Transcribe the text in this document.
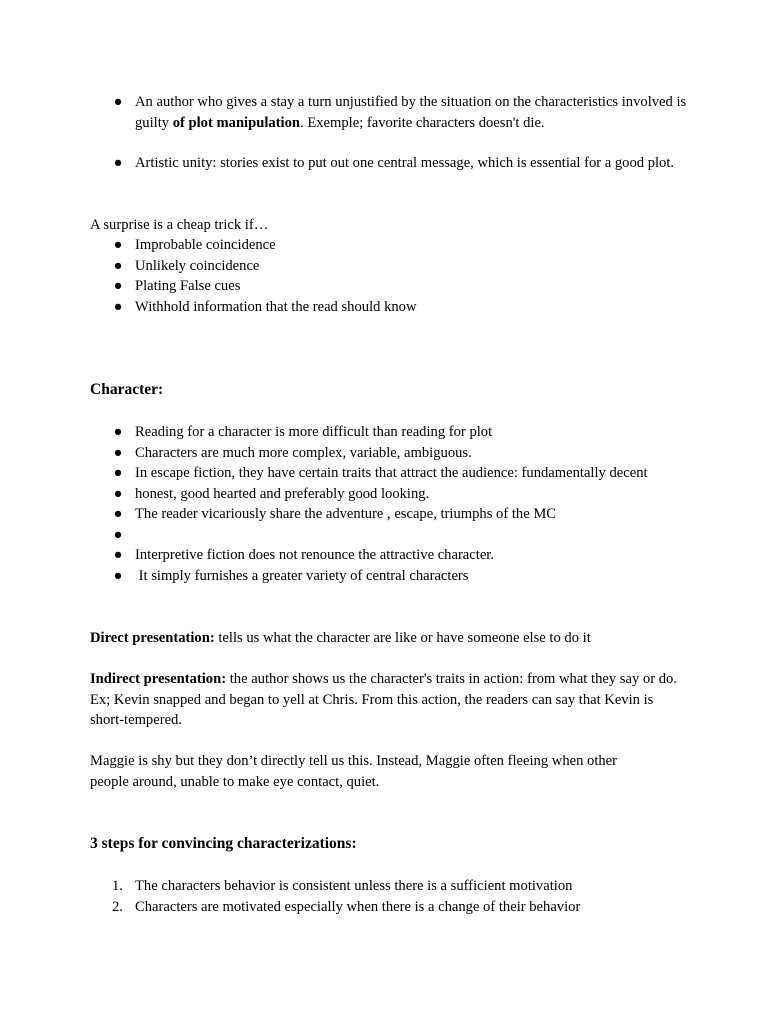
● An author who gives a stay a turn unjustified by the situation on the characteristics involved is guilty of plot manipulation. Exemple; favorite characters doesn't die.
● Artistic unity: stories exist to put out one central message, which is essential for a good plot.

A surprise is a cheap trick if…

● Improbable coincidence
● Unlikely coincidence
● Plating False cues
● Withhold information that the read should know

Character:

● Reading for a character is more difficult than reading for plot
● Characters are much more complex, variable, ambiguous.
● In escape fiction, they have certain traits that attract the audience: fundamentally decent
● honest, good hearted and preferably good looking.
● The reader vicariously share the adventure , escape, triumphs of the MC
●

● Interpretive fiction does not renounce the attractive character.
● It simply furnishes a greater variety of central characters

Direct presentation: tells us what the character are like or have someone else to do it

Indirect presentation: the author shows us the character's traits in action: from what they say or do. Ex; Kevin snapped and began to yell at Chris. From this action, the readers can say that Kevin is short-tempered.

Maggie is shy but they don’t directly tell us this. Instead, Maggie often fleeing when other people around, unable to make eye contact, quiet.

3 steps for convincing characterizations:

1. The characters behavior is consistent unless there is a sufficient motivation
2. Characters are motivated especially when there is a change of their behavior
